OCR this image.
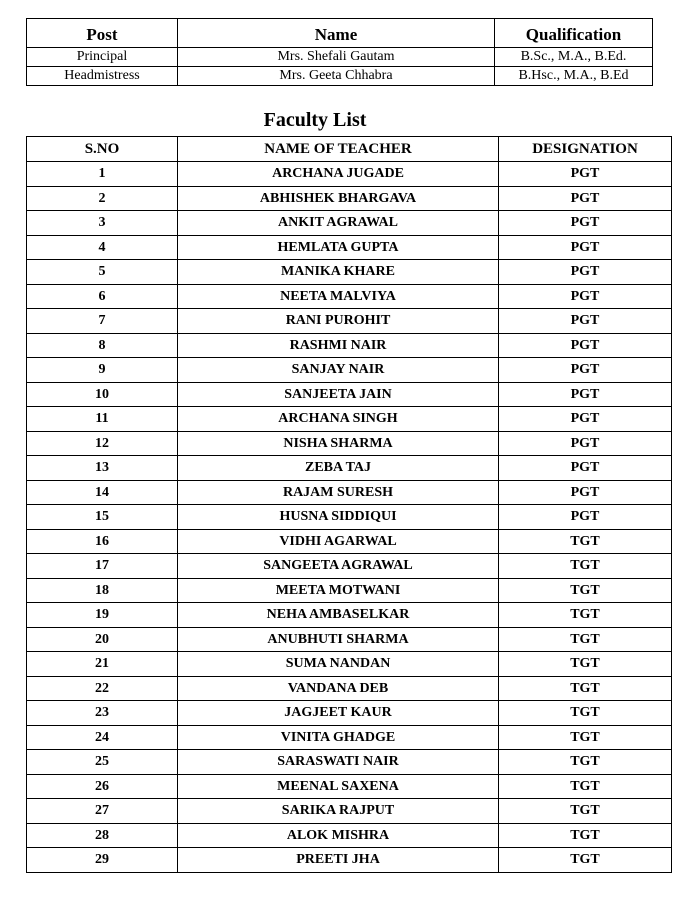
Post	Name	Qualification
Principal	Mrs. Shefali Gautam	B.Sc., M.A., B.Ed.
Headmistress	Mrs. Geeta Chhabra	B.Hsc., M.A., B.Ed
Faculty List
S.NO	NAME OF TEACHER	DESIGNATION
1	ARCHANA JUGADE	PGT
2	ABHISHEK BHARGAVA	PGT
3	ANKIT AGRAWAL	PGT
4	HEMLATA GUPTA	PGT
5	MANIKA KHARE	PGT
6	NEETA MALVIYA	PGT
7	RANI PUROHIT	PGT
8	RASHMI NAIR	PGT
9	SANJAY NAIR	PGT
10	SANJEETA JAIN	PGT
11	ARCHANA SINGH	PGT
12	NISHA SHARMA	PGT
13	ZEBA TAJ	PGT
14	RAJAM SURESH	PGT
15	HUSNA SIDDIQUI	PGT
16	VIDHI AGARWAL	TGT
17	SANGEETA AGRAWAL	TGT
18	MEETA MOTWANI	TGT
19	NEHA AMBASELKAR	TGT
20	ANUBHUTI SHARMA	TGT
21	SUMA NANDAN	TGT
22	VANDANA DEB	TGT
23	JAGJEET KAUR	TGT
24	VINITA GHADGE	TGT
25	SARASWATI NAIR	TGT
26	MEENAL SAXENA	TGT
27	SARIKA RAJPUT	TGT
28	ALOK MISHRA	TGT
29	PREETI JHA	TGT
